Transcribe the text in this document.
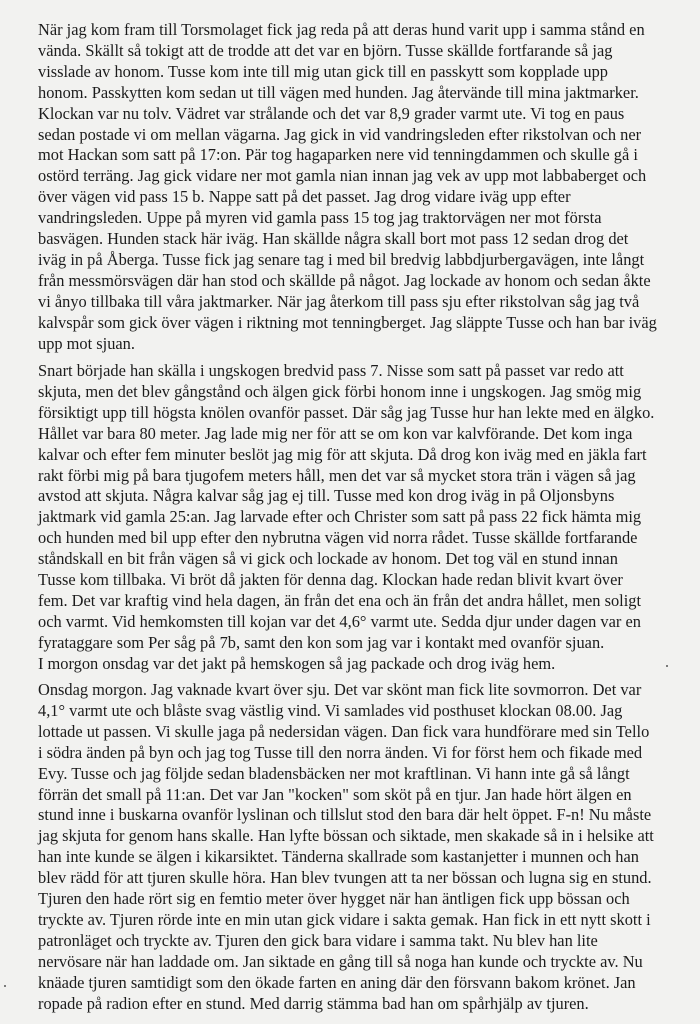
När jag kom fram till Torsmolaget fick jag reda på att deras hund varit upp i samma stånd en
vända. Skällt så tokigt att de trodde att det var en björn. Tusse skällde fortfarande så jag
visslade av honom. Tusse kom inte till mig utan gick till en passkytt som kopplade upp
honom. Passkytten kom sedan ut till vägen med hunden. Jag återvände till mina jaktmarker.
Klockan var nu tolv. Vädret var strålande och det var 8,9 grader varmt ute. Vi tog en paus
sedan postade vi om mellan vägarna. Jag gick in vid vandringsleden efter rikstolvan och ner
mot Hackan som satt på 17:on. Pär tog hagaparken nere vid tenningdammen och skulle gå i
ostörd terräng. Jag gick vidare ner mot gamla nian innan jag vek av upp mot labbaberget och
över vägen vid pass 15 b. Nappe satt på det passet. Jag drog vidare iväg upp efter
vandringsleden. Uppe på myren vid gamla pass 15 tog jag traktorvägen ner mot första
basvägen. Hunden stack här iväg. Han skällde några skall bort mot pass 12 sedan drog det
iväg in på Åberga. Tusse fick jag senare tag i med bil bredvig labbdjurbergavägen, inte långt
från messmörsvägen där han stod och skällde på något. Jag lockade av honom och sedan åkte
vi ånyo tillbaka till våra jaktmarker. När jag återkom till pass sju efter rikstolvan såg jag två
kalvspår som gick över vägen i riktning mot tenningberget. Jag släppte Tusse och han bar iväg
upp mot sjuan.
Snart började han skälla i ungskogen bredvid pass 7. Nisse som satt på passet var redo att
skjuta, men det blev gångstånd och älgen gick förbi honom inne i ungskogen. Jag smög mig
försiktigt upp till högsta knölen ovanför passet. Där såg jag Tusse hur han lekte med en älgko.
Hållet var bara 80 meter. Jag lade mig ner för att se om kon var kalvförande. Det kom inga
kalvar och efter fem minuter beslöt jag mig för att skjuta. Då drog kon iväg med en jäkla fart
rakt förbi mig på bara tjugofem meters håll, men det var så mycket stora trän i vägen så jag
avstod att skjuta. Några kalvar såg jag ej till. Tusse med kon drog iväg in på Oljonsbyns
jaktmark vid gamla 25:an. Jag larvade efter och Christer som satt på pass 22 fick hämta mig
och hunden med bil upp efter den nybrutna vägen vid norra rådet. Tusse skällde fortfarande
ståndskall en bit från vägen så vi gick och lockade av honom. Det tog väl en stund innan
Tusse kom tillbaka. Vi bröt då jakten för denna dag. Klockan hade redan blivit kvart över
fem. Det var kraftig vind hela dagen, än från det ena och än från det andra hållet, men soligt
och varmt. Vid hemkomsten till kojan var det 4,6° varmt ute. Sedda djur under dagen var en
fyrataggare som Per såg på 7b, samt den kon som jag var i kontakt med ovanför sjuan.
I morgon onsdag var det jakt på hemskogen så jag packade och drog iväg hem.
Onsdag morgon. Jag vaknade kvart över sju. Det var skönt man fick lite sovmorron. Det var
4,1° varmt ute och blåste svag västlig vind. Vi samlades vid posthuset klockan 08.00. Jag
lottade ut passen. Vi skulle jaga på nedersidan vägen. Dan fick vara hundförare med sin Tello
i södra änden på byn och jag tog Tusse till den norra änden. Vi for först hem och fikade med
Evy. Tusse och jag följde sedan bladensbäcken ner mot kraftlinan. Vi hann inte gå så långt
förrän det small på 11:an. Det var Jan "kocken" som sköt på en tjur. Jan hade hört älgen en
stund inne i buskarna ovanför lyslinan och tillslut stod den bara där helt öppet. F-n! Nu måste
jag skjuta for genom hans skalle. Han lyfte bössan och siktade, men skakade så in i helsike att
han inte kunde se älgen i kikarsiktet. Tänderna skallrade som kastanjetter i munnen och han
blev rädd för att tjuren skulle höra. Han blev tvungen att ta ner bössan och lugna sig en stund.
Tjuren den hade rört sig en femtio meter över hygget när han äntligen fick upp bössan och
tryckte av. Tjuren rörde inte en min utan gick vidare i sakta gemak. Han fick in ett nytt skott i
patronläget och tryckte av. Tjuren den gick bara vidare i samma takt. Nu blev han lite
nervösare när han laddade om. Jan siktade en gång till så noga han kunde och tryckte av. Nu
knäade tjuren samtidigt som den ökade farten en aning där den försvann bakom krönet. Jan
ropade på radion efter en stund. Med darrig stämma bad han om spårhjälp av tjuren.
